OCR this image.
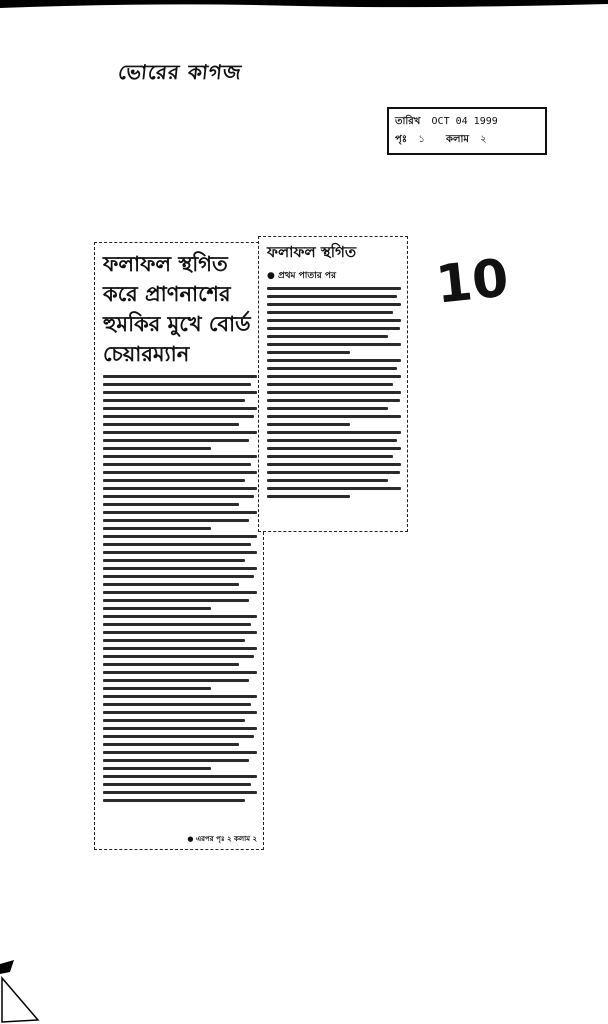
ভোরের কাগজ
তারিখ OCT 04 1999
পৃঃ ১ কলাম ২
10
ফলাফল স্থগিত করে প্রাণনাশের হুমকির মুখে বোর্ড চেয়ারম্যান
● এরপর পৃঃ ২ কলাম ২
ফলাফল স্থগিত
● প্রথম পাতার পর
